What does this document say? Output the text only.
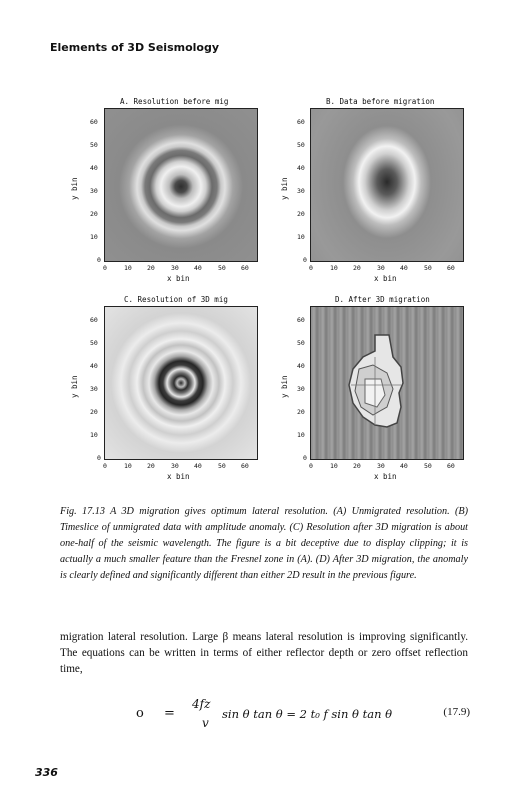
Elements of 3D Seismology
A. Resolution before mig
y bin
x bin
60
50
40
30
20
10
0
0	10 20 30 40 50 60
B. Data before migration
y bin
x bin
60
50
40
30
20
10
0
0	10 20 30 40 50 60
C. Resolution of 3D mig
y bin
x bin
60
50
40
30
20
10
0
0	10 20 30 40 50 60
D. After 3D migration
y bin
x bin
60
50
40
30
20
10
0
0	10 20 30 40 50 60
Fig. 17.13 A 3D migration gives optimum lateral resolution. (A) Unmigrated resolution. (B) Timeslice of unmigrated data with amplitude anomaly. (C) Resolution after 3D migration is about one-half of the seismic wavelength. The figure is a bit deceptive due to display clipping; it is actually a much smaller feature than the Fresnel zone in (A). (D) After 3D migration, the anomaly is clearly defined and significantly different than either 2D result in the previous figure.
migration lateral resolution. Large β means lateral resolution is improving significantly. The equations can be written in terms of either reflector depth or zero offset reflection time,
o =
4fz
v
sin θ tan θ = 2 t₀ f sin θ tan θ	(17.9)
336
